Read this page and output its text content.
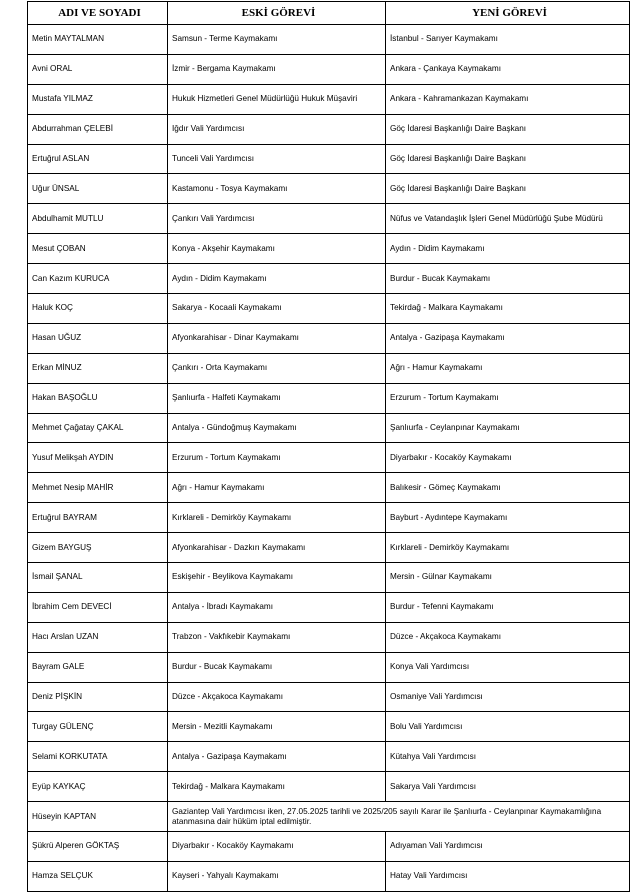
ADI VE SOYADI	ESKİ GÖREVİ	YENİ GÖREVİ
Metin MAYTALMAN	Samsun - Terme Kaymakamı	İstanbul - Sarıyer Kaymakamı
Avni ORAL	İzmir - Bergama Kaymakamı	Ankara - Çankaya Kaymakamı
Mustafa YILMAZ	Hukuk Hizmetleri Genel Müdürlüğü Hukuk Müşaviri	Ankara - Kahramankazan Kaymakamı
Abdurrahman ÇELEBİ	Iğdır Vali Yardımcısı	Göç İdaresi Başkanlığı Daire Başkanı
Ertuğrul ASLAN	Tunceli Vali Yardımcısı	Göç İdaresi Başkanlığı Daire Başkanı
Uğur ÜNSAL	Kastamonu - Tosya Kaymakamı	Göç İdaresi Başkanlığı Daire Başkanı
Abdulhamit MUTLU	Çankırı Vali Yardımcısı	Nüfus ve Vatandaşlık İşleri Genel Müdürlüğü Şube Müdürü
Mesut ÇOBAN	Konya - Akşehir Kaymakamı	Aydın - Didim Kaymakamı
Can Kazım KURUCA	Aydın - Didim Kaymakamı	Burdur - Bucak Kaymakamı
Haluk KOÇ	Sakarya - Kocaali Kaymakamı	Tekirdağ - Malkara Kaymakamı
Hasan UĞUZ	Afyonkarahisar - Dinar Kaymakamı	Antalya - Gazipaşa Kaymakamı
Erkan MİNUZ	Çankırı - Orta Kaymakamı	Ağrı - Hamur Kaymakamı
Hakan BAŞOĞLU	Şanlıurfa - Halfeti Kaymakamı	Erzurum - Tortum Kaymakamı
Mehmet Çağatay ÇAKAL	Antalya - Gündoğmuş Kaymakamı	Şanlıurfa - Ceylanpınar Kaymakamı
Yusuf Melikşah AYDIN	Erzurum - Tortum Kaymakamı	Diyarbakır - Kocaköy Kaymakamı
Mehmet Nesip MAHİR	Ağrı - Hamur Kaymakamı	Balıkesir - Gömeç Kaymakamı
Ertuğrul BAYRAM	Kırklareli - Demirköy Kaymakamı	Bayburt - Aydıntepe Kaymakamı
Gizem BAYGUŞ	Afyonkarahisar - Dazkırı Kaymakamı	Kırklareli - Demirköy Kaymakamı
İsmail ŞANAL	Eskişehir - Beylikova Kaymakamı	Mersin - Gülnar Kaymakamı
İbrahim Cem DEVECİ	Antalya - İbradı Kaymakamı	Burdur - Tefenni Kaymakamı
Hacı Arslan UZAN	Trabzon - Vakfıkebir Kaymakamı	Düzce - Akçakoca Kaymakamı
Bayram GALE	Burdur - Bucak Kaymakamı	Konya Vali Yardımcısı
Deniz PİŞKİN	Düzce - Akçakoca Kaymakamı	Osmaniye Vali Yardımcısı
Turgay GÜLENÇ	Mersin - Mezitli Kaymakamı	Bolu Vali Yardımcısı
Selami KORKUTATA	Antalya - Gazipaşa Kaymakamı	Kütahya Vali Yardımcısı
Eyüp KAYKAÇ	Tekirdağ - Malkara Kaymakamı	Sakarya Vali Yardımcısı
Hüseyin KAPTAN	Gaziantep Vali Yardımcısı iken, 27.05.2025 tarihli ve 2025/205 sayılı Karar ile Şanlıurfa - Ceylanpınar Kaymakamlığına atanmasına dair hüküm iptal edilmiştir.	
Şükrü Alperen GÖKTAŞ	Diyarbakır - Kocaköy Kaymakamı	Adıyaman Vali Yardımcısı
Hamza SELÇUK	Kayseri - Yahyalı Kaymakamı	Hatay Vali Yardımcısı
